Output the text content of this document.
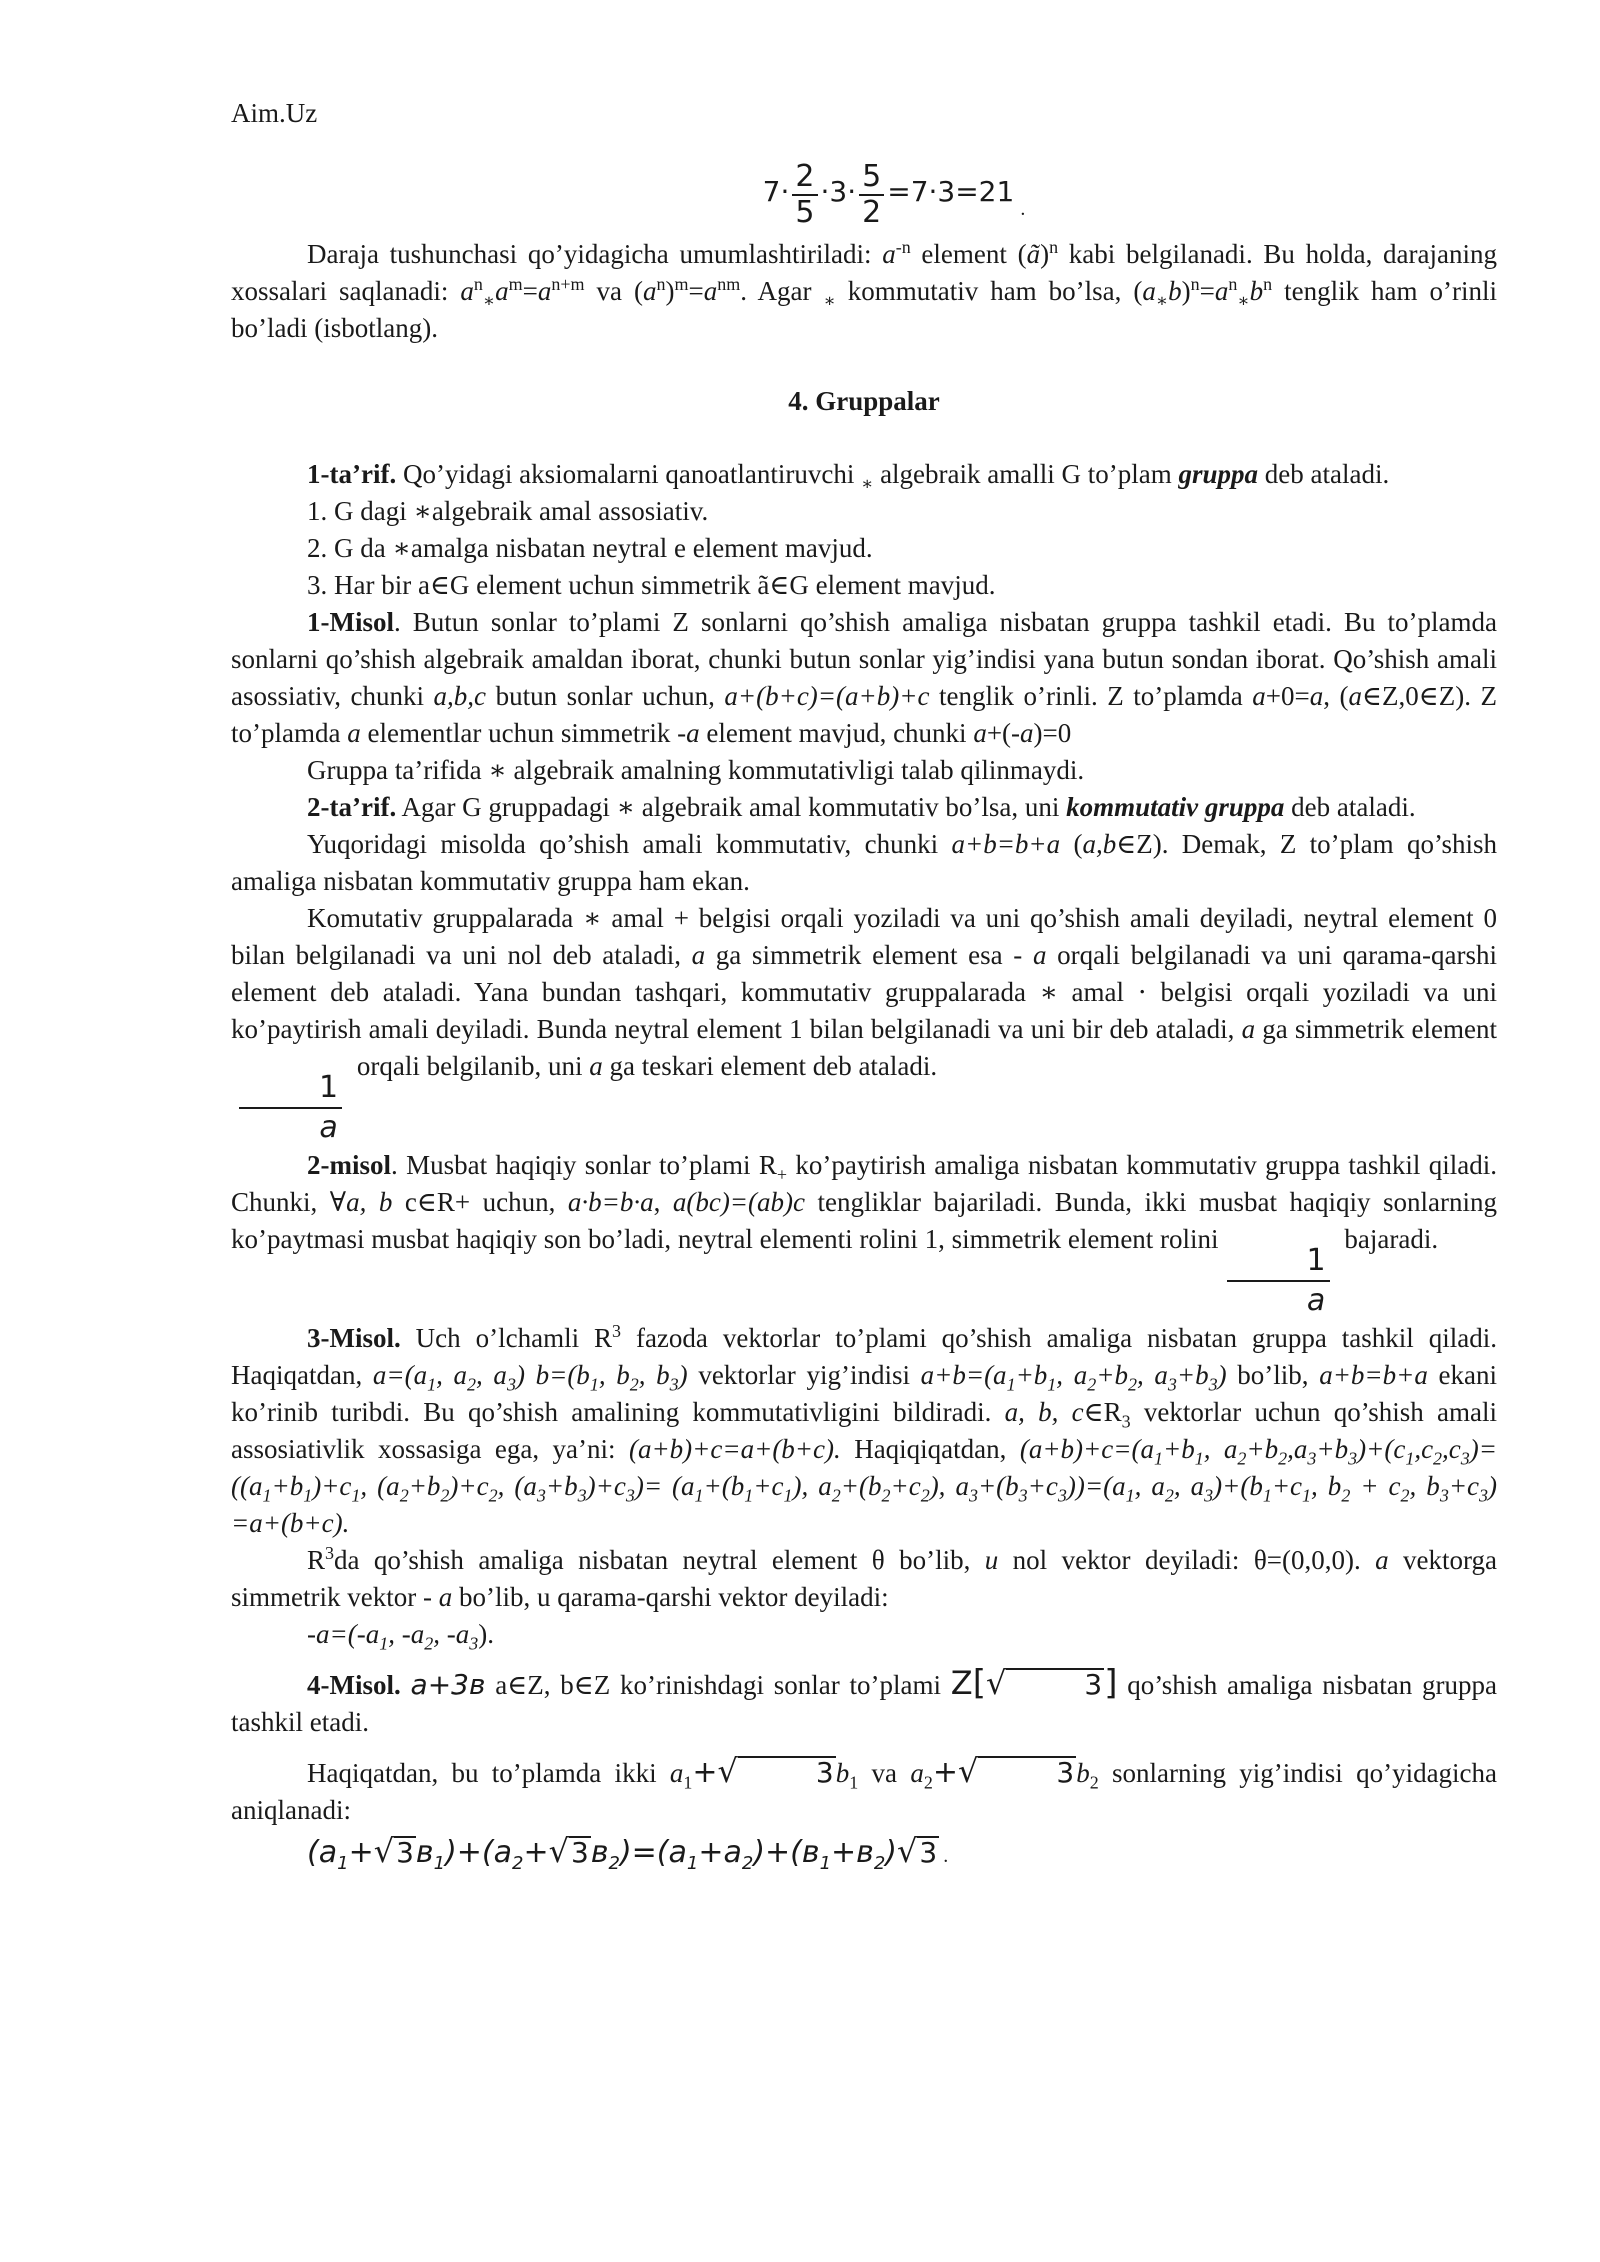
Aim.Uz
$7\cdot \frac{2}{5} \cdot 3\cdot \frac{5}{2} =7\cdot 3=21_.$

Daraja tushunchasi qo’yidagicha umumlashtiriladi: $a^{-n}$ element (ã)$^n$ kabi belgilanadi. Bu holda, darajaning xossalari saqlanadi: $a^n_∗a^m=a^{n+m}$ va $(a^n)^m=a^{nm}$. Agar $_∗$ kommutativ ham bo’lsa, $(a_∗b)^n=a^n_∗b^n$ tenglik ham o’rinli bo’ladi (isbotlang).

4. Gruppalar

1-ta’rif. Qo’yidagi aksiomalarni qanoatlantiruvchi $_∗$ algebraik amalli G to’plam gruppa deb ataladi.

1. G dagi ∗algebraik amal assosiativ.

2. G da ∗amalga nisbatan neytral e element mavjud.

3. Har bir a∈G element uchun simmetrik ã∈G element mavjud.

1-Misol. Butun sonlar to’plami Z sonlarni qo’shish amaliga nisbatan gruppa tashkil etadi. Bu to’plamda sonlarni qo’shish algebraik amaldan iborat, chunki butun sonlar yig’indisi yana butun sondan iborat. Qo’shish amali asossiativ, chunki a,b,c butun sonlar uchun, a+(b+c)=(a+b)+c tenglik o’rinli. Z to’plamda a+0=a, (a∈Z,0∈Z). Z to’plamda a elementlar uchun simmetrik -a element mavjud, chunki a+(-a)=0

Gruppa ta’rifida ∗ algebraik amalning kommutativligi talab qilinmaydi.

2-ta’rif. Agar G gruppadagi ∗ algebraik amal kommutativ bo’lsa, uni kommutativ gruppa deb ataladi.

Yuqoridagi misolda qo’shish amali kommutativ, chunki a+b=b+a (a,b∈Z). Demak, Z to’plam qo’shish amaliga nisbatan kommutativ gruppa ham ekan.

Komutativ gruppalarada ∗ amal + belgisi orqali yoziladi va uni qo’shish amali deyiladi, neytral element 0 bilan belgilanadi va uni nol deb ataladi, a ga simmetrik element esa - a orqali belgilanadi va uni qarama-qarshi element deb ataladi. Yana bundan tashqari, kommutativ gruppalarada ∗ amal ⋅ belgisi orqali yoziladi va uni ko’paytirish amali deyiladi. Bunda neytral element 1 bilan belgilanadi va uni bir deb ataladi, a ga simmetrik element
$\frac{1}{a}$
orqali belgilanib, uni a ga teskari element deb ataladi.

2-misol. Musbat haqiqiy sonlar to’plami $R_+$ ko’paytirish amaliga nisbatan kommutativ gruppa tashkil qiladi. Chunki, ∀a, b c∈R+ uchun, a·b=b·a, a(bc)=(ab)c tengliklar bajariladi. Bunda, ikki musbat haqiqiy sonlarning ko’paytmasi musbat haqiqiy son bo’ladi, neytral elementi rolini 1, simmetrik element rolini
$\frac{1}{a}$
bajaradi.

3-Misol. Uch o’lchamli $R^3$ fazoda vektorlar to’plami qo’shish amaliga nisbatan gruppa tashkil qiladi. Haqiqatdan, $a=(a_1$, $a_2$, $a_3$) $b=(b_1$, $b_2$, $b_3$) vektorlar yig’indisi $a+b=(a_1+b_1$, $a_2+b_2$, $a_3+b_3$) bo’lib, a+b=b+a ekani ko’rinib turibdi. Bu qo’shish amalining kommutativligini bildiradi. a, b, $c\in R_3$ vektorlar uchun qo’shish amali assosiativlik xossasiga ega, ya’ni: (a+b)+c=a+(b+c). Haqiqiqatdan, $(a+b)+c=(a_1+b_1$, $a_2+b_2,a_3+b_3)+(c_1,c_2,c_3)=((a_1+b_1)+c_1$, $(a_2+b_2)+c_2$, $(a_3+b_3)+c_3)= (a_1+(b_1+c_1)$, $a_2+(b_2+c_2)$, $a_3+(b_3+c_3))=(a_1$, $a_2$, $a_3)+(b_1+c_1$, $b_2 + c_2$, $b_3+c_3) =a+(b+c)$.

$R^3da$ qo’shish amaliga nisbatan neytral element θ bo’lib, u nol vektor deyiladi: θ=(0,0,0). a vektorga simmetrik vektor - a bo’lib, u qarama-qarshi vektor deyiladi:

$-a=(-a_1$, $-a_2$, $-a_3$).

4-Misol. a+3в a∈Z, b∈Z ko’rinishdagi sonlar to’plami Z[√	3] qo’shish amaliga nisbatan gruppa tashkil etadi.

Haqiqatdan, bu to’plamda ikki $a_1+√$	$3b_1$ va $a_2+√$	$3b_2$ sonlarning yig’indisi qo’yidagicha aniqlanadi:

$(a_1+√3в_1)+(a_2+√3в_2)=(a_1+a_2)+(в_1+в_2)√3$ .
